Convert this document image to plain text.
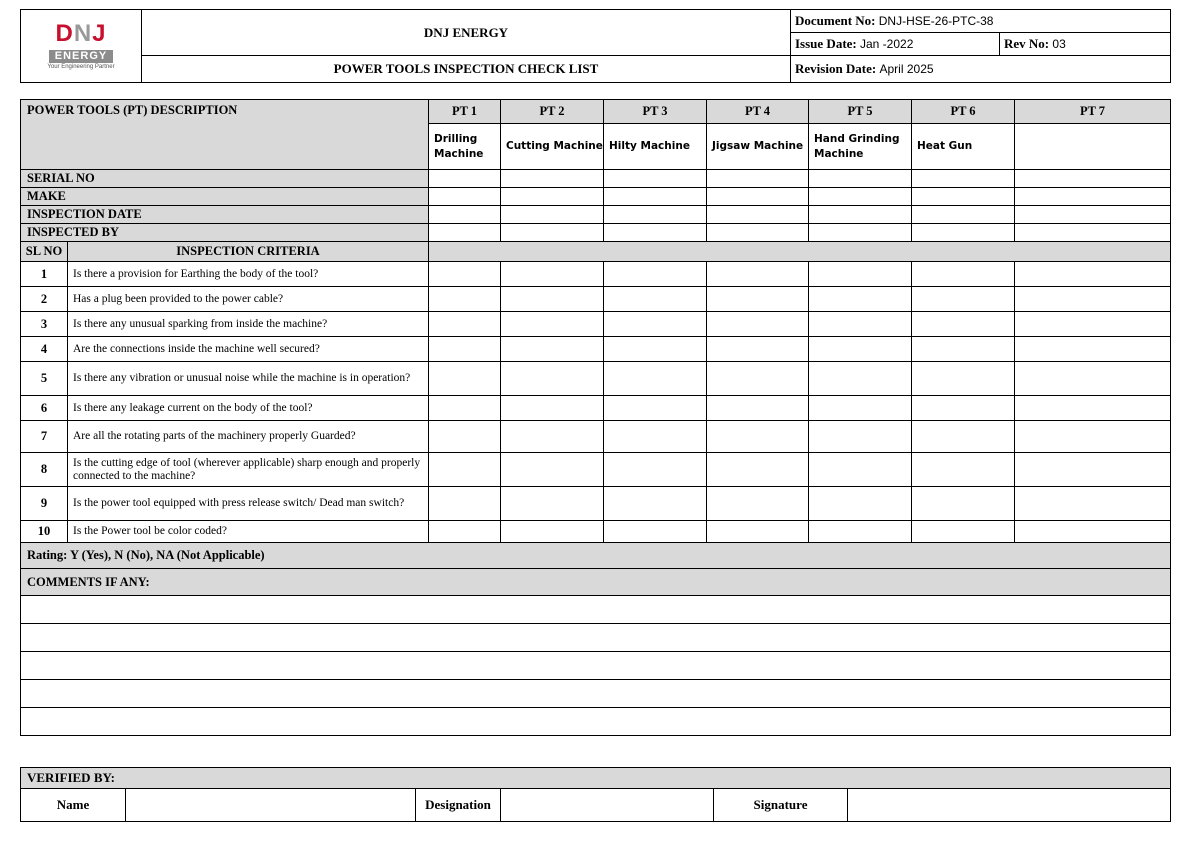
DNJ
ENERGY
Your Engineering Partner	DNJ ENERGY	Document No: DNJ-HSE-26-PTC-38	
		Issue Date: Jan -2022	Rev No: 03
	POWER TOOLS INSPECTION CHECK LIST	Revision Date: April 2025	
POWER TOOLS (PT) DESCRIPTION		PT 1	PT 2	PT 3	PT 4	PT 5	PT 6	PT 7
		Drilling Machine	Cutting Machine	Hilty Machine	Jigsaw Machine	Hand Grinding Machine	Heat Gun	
SERIAL NO								
MAKE								
INSPECTION DATE								
INSPECTED BY								
SL NO	INSPECTION CRITERIA							
1	Is there a provision for Earthing the body of the tool?							
2	Has a plug been provided to the power cable?							
3	Is there any unusual sparking from inside the machine?							
4	Are the connections inside the machine well secured?							
5	Is there any vibration or unusual noise while the machine is in operation?							
6	Is there any leakage current on the body of the tool?							
7	Are all the rotating parts of the machinery properly Guarded?							
8	Is the cutting edge of tool (wherever applicable) sharp enough and properly connected to the machine?							
9	Is the power tool equipped with press release switch/ Dead man switch?							
10	Is the Power tool be color coded?							
Rating: Y (Yes), N (No), NA (Not Applicable)								
COMMENTS IF ANY:								

VERIFIED BY:
Name		Designation		Signature	
